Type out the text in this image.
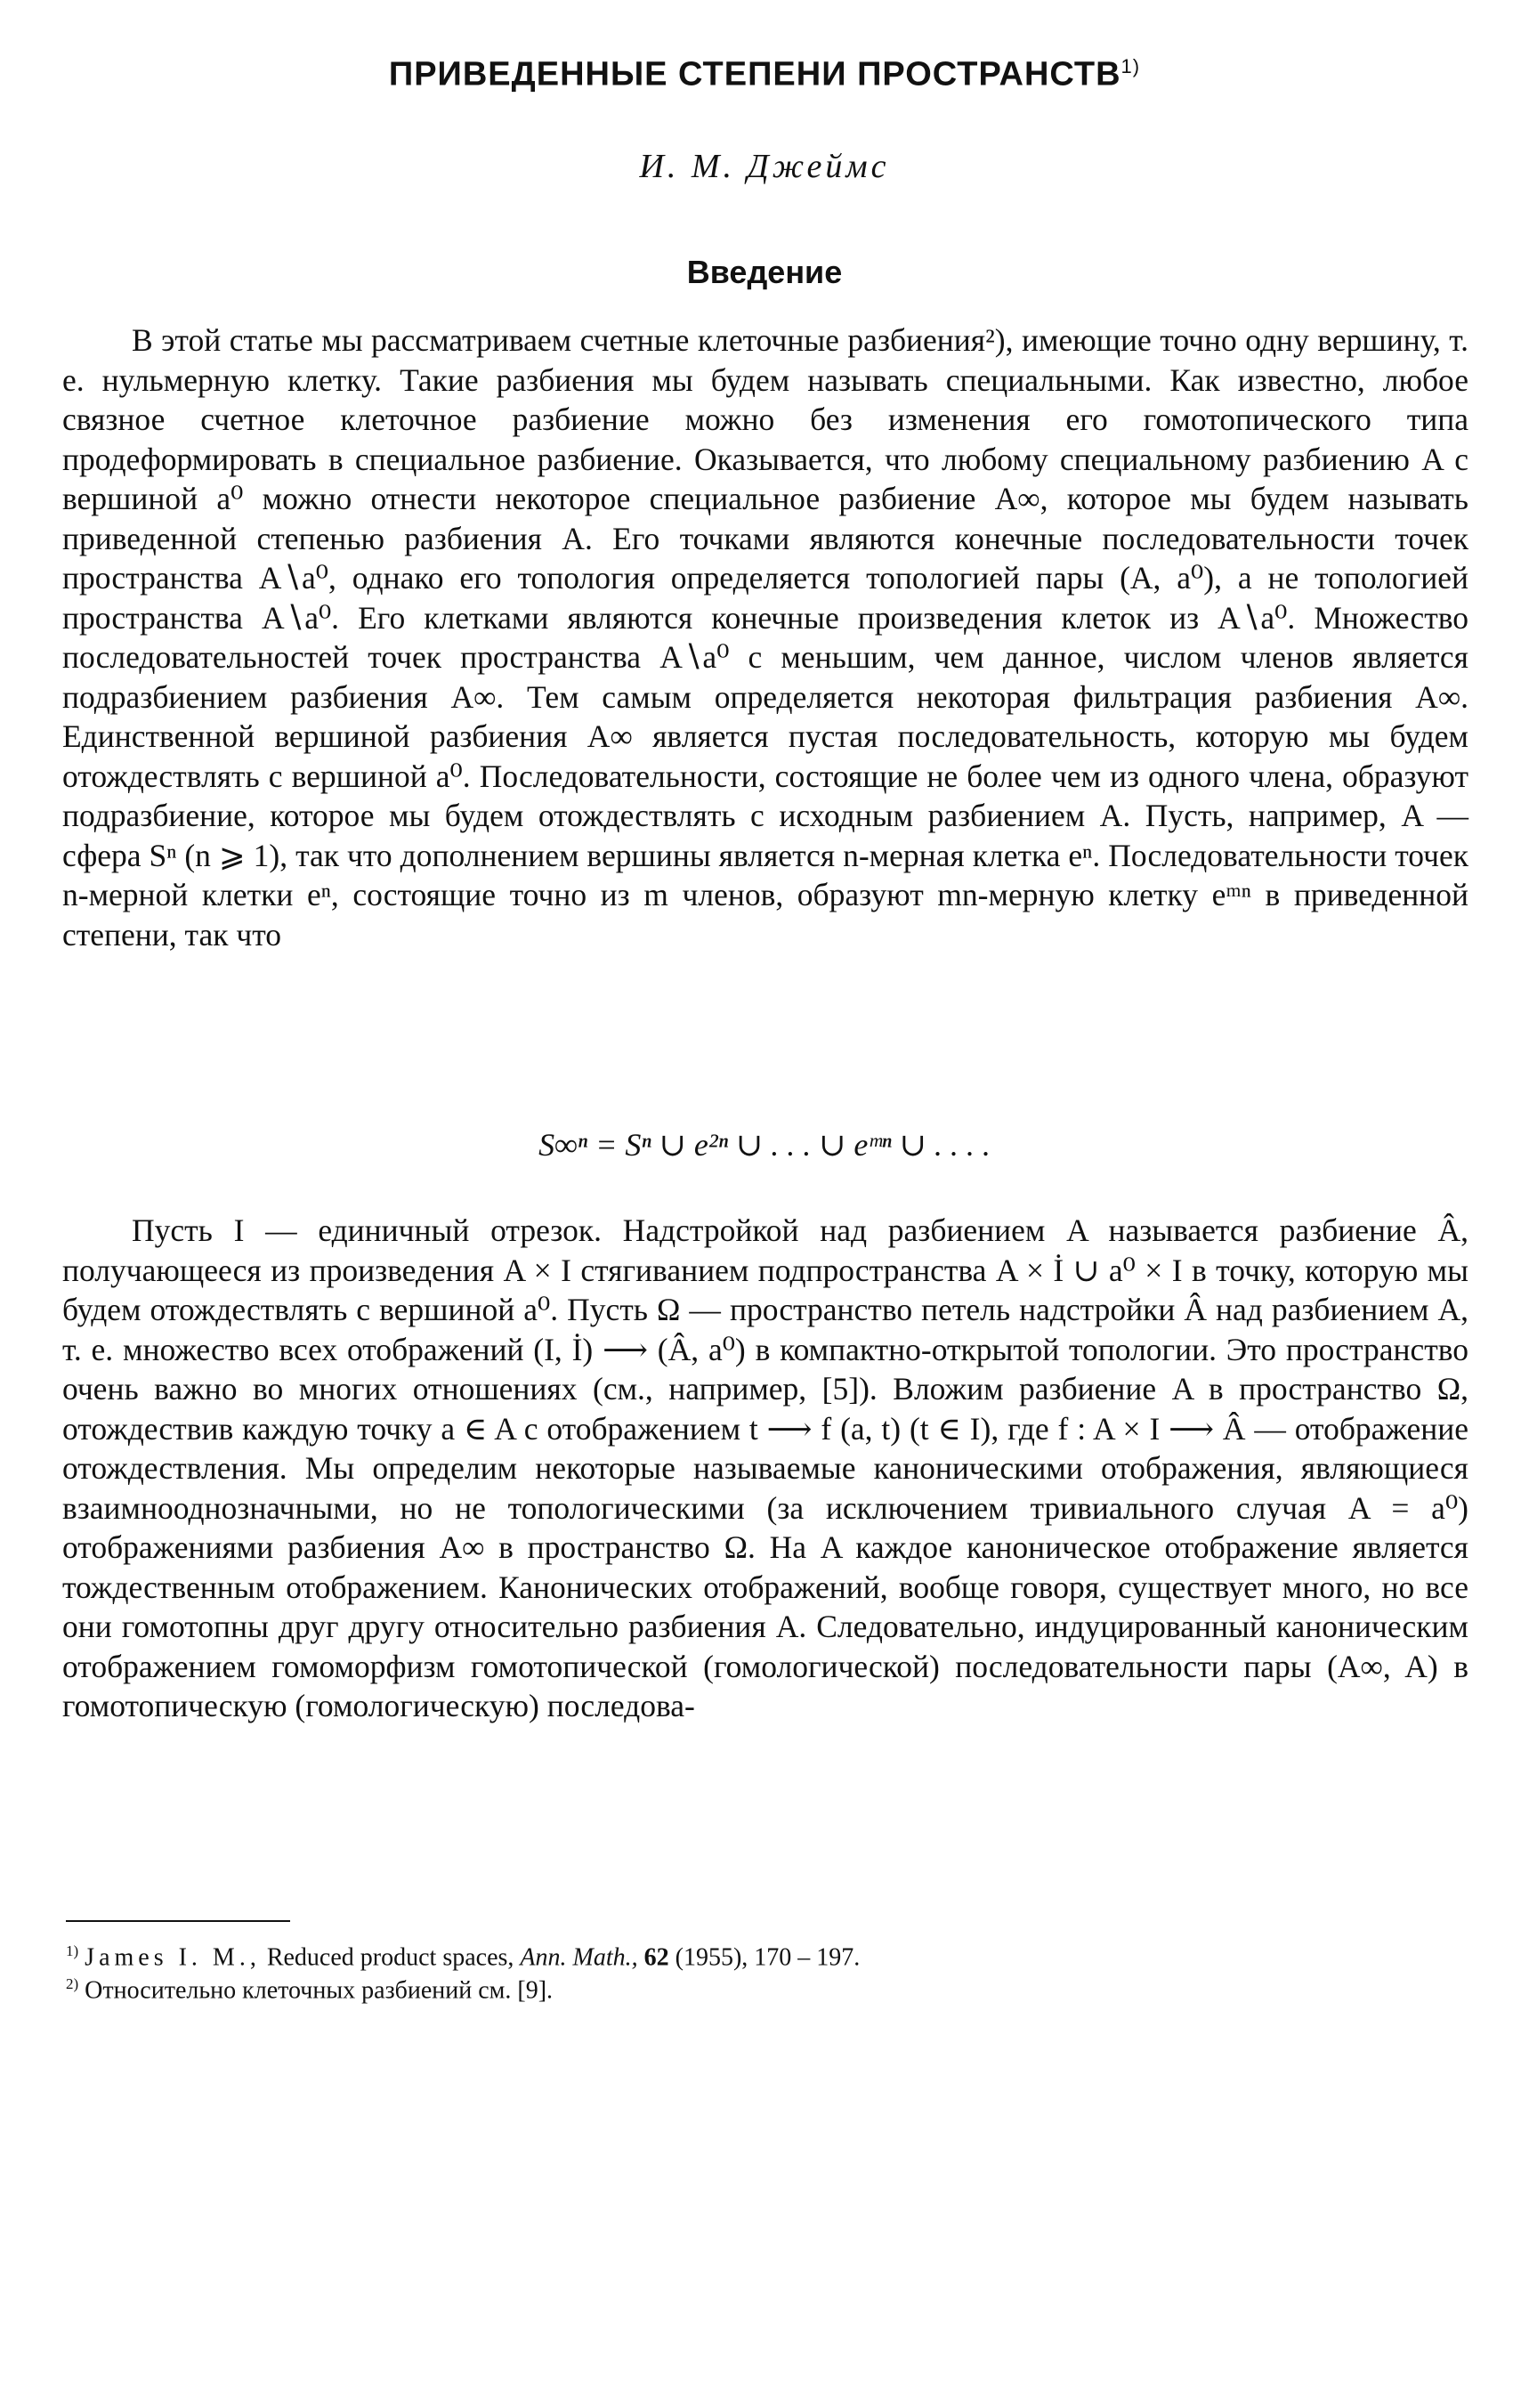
ПРИВЕДЕННЫЕ СТЕПЕНИ ПРОСТРАНСТВ$^{1)}$
И. М. Джеймс
Введение
В этой статье мы рассматриваем счетные клеточные разбиения²), имеющие точно одну вершину, т. е. нульмерную клетку. Такие разбиения мы будем называть специальными. Как известно, любое связное счетное клеточное разбиение можно без изменения его гомотопического типа продеформировать в специальное разбиение. Оказывается, что любому специальному разбиению A с вершиной a⁰ можно отнести некоторое специальное разбиение A∞, которое мы будем называть приведенной степенью разбиения A. Его точками являются конечные последовательности точек пространства A∖a⁰, однако его топология определяется топологией пары (A, a⁰), а не топологией пространства A∖a⁰. Его клетками являются конечные произведения клеток из A∖a⁰. Множество последовательностей точек пространства A∖a⁰ с меньшим, чем данное, числом членов является подразбиением разбиения A∞. Тем самым определяется некоторая фильтрация разбиения A∞. Единственной вершиной разбиения A∞ является пустая последовательность, которую мы будем отождествлять с вершиной a⁰. Последовательности, состоящие не более чем из одного члена, образуют подразбиение, которое мы будем отождествлять с исходным разбиением A. Пусть, например, A — сфера Sⁿ (n ⩾ 1), так что дополнением вершины является n-мерная клетка eⁿ. Последовательности точек n-мерной клетки eⁿ, состоящие точно из m членов, образуют mn-мерную клетку eᵐⁿ в приведенной степени, так что
S∞ⁿ = Sⁿ ∪ e²ⁿ ∪ . . . ∪ eᵐⁿ ∪ . . . .
Пусть I — единичный отрезок. Надстройкой над разбиением A называется разбиение Â, получающееся из произведения A × I стягиванием подпространства A × İ ∪ a⁰ × I в точку, которую мы будем отождествлять с вершиной a⁰. Пусть Ω — пространство петель надстройки Â над разбиением A, т. е. множество всех отображений (I, İ) ⟶ (Â, a⁰) в компактно-открытой топологии. Это пространство очень важно во многих отношениях (см., например, [5]). Вложим разбиение A в пространство Ω, отождествив каждую точку a ∈ A с отображением t ⟶ f (a, t) (t ∈ I), где f : A × I ⟶ Â — отображение отождествления. Мы определим некоторые называемые каноническими отображения, являющиеся взаимнооднозначными, но не топологическими (за исключением тривиального случая A = a⁰) отображениями разбиения A∞ в пространство Ω. На A каждое каноническое отображение является тождественным отображением. Канонических отображений, вообще говоря, существует много, но все они гомотопны друг другу относительно разбиения A. Следовательно, индуцированный каноническим отображением гомоморфизм гомотопической (гомологической) последовательности пары (A∞, A) в гомотопическую (гомологическую) последова-
$^{1)}$ James I. M., Reduced product spaces, Ann. Math., 62 (1955), 170 – 197.
$^{2)}$ Относительно клеточных разбиений см. [9].
